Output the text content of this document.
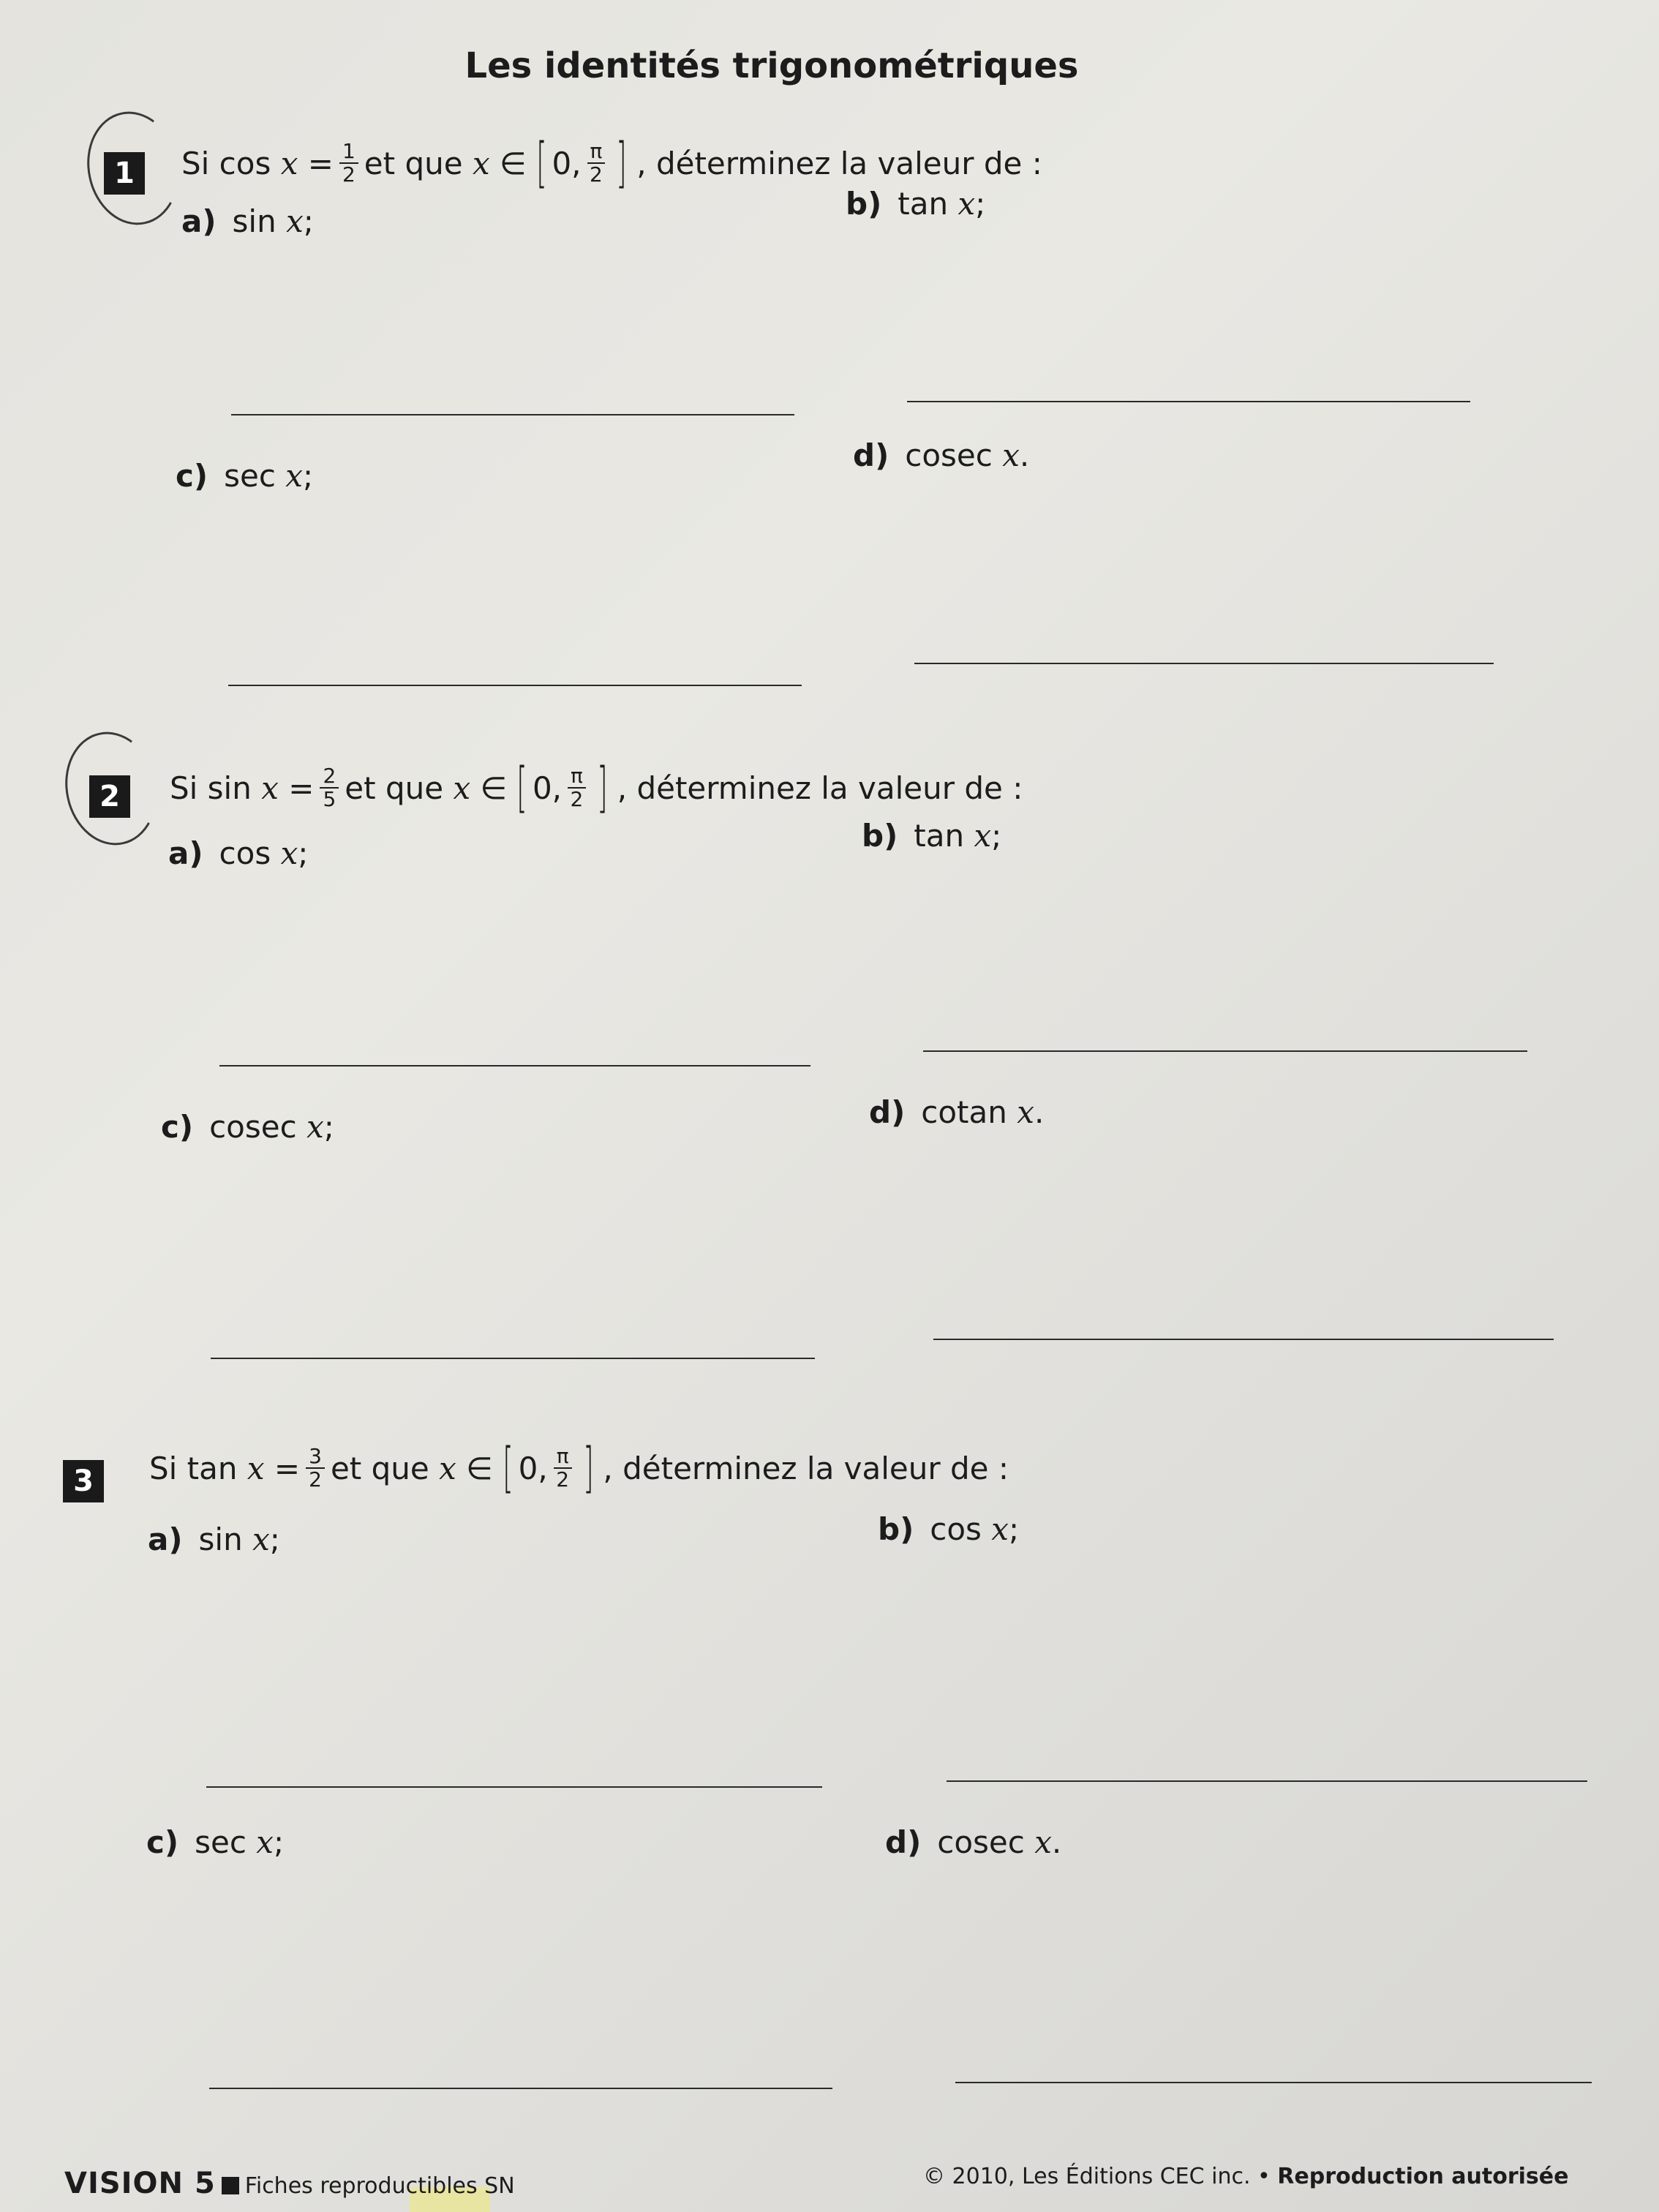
Les identités trigonométriques
1	Si cos
x
= $\frac{1}{2}$ et que
x
∈ [ 0, $\frac{\pi}{2}$ ] , déterminez la valeur de :
a) sin x;	b) tan x;
c) sec x;
d) cosec x.
2	Si sin
x
= $\frac{2}{5}$ et que
x
∈ [ 0, $\frac{\pi}{2}$ ] , déterminez la valeur de :
a) cos x;	b) tan x;
c) cosec x;	d) cotan x.
3	Si tan
x
= $\frac{3}{2}$ et que
x
∈ [ 0, $\frac{\pi}{2}$ ] , déterminez la valeur de :
a) sin x;	b) cos x;
c) sec x;	d) cosec x.
VISION 5 Fiches reproductibles SN	© 2010, Les Éditions CEC inc. • Reproduction autorisée
